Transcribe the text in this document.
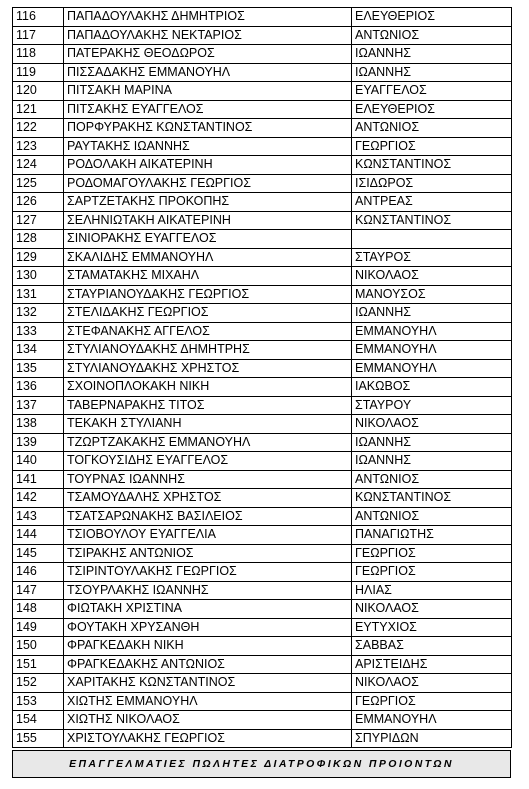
116	ΠΑΠΑΔΟΥΛΑΚΗΣ ΔΗΜΗΤΡΙΟΣ	ΕΛΕΥΘΕΡΙΟΣ
117	ΠΑΠΑΔΟΥΛΑΚΗΣ ΝΕΚΤΑΡΙΟΣ	ΑΝΤΩΝΙΟΣ
118	ΠΑΤΕΡΑΚΗΣ ΘΕΟΔΩΡΟΣ	ΙΩΑΝΝΗΣ
119	ΠΙΣΣΑΔΑΚΗΣ ΕΜΜΑΝΟΥΗΛ	ΙΩΑΝΝΗΣ
120	ΠΙΤΣΑΚΗ ΜΑΡΙΝΑ	ΕΥΑΓΓΕΛΟΣ
121	ΠΙΤΣΑΚΗΣ ΕΥΑΓΓΕΛΟΣ	ΕΛΕΥΘΕΡΙΟΣ
122	ΠΟΡΦΥΡΑΚΗΣ ΚΩΝΣΤΑΝΤΙΝΟΣ	ΑΝΤΩΝΙΟΣ
123	ΡΑΥΤΑΚΗΣ ΙΩΑΝΝΗΣ	ΓΕΩΡΓΙΟΣ
124	ΡΟΔΟΛΑΚΗ ΑΙΚΑΤΕΡΙΝΗ	ΚΩΝΣΤΑΝΤΙΝΟΣ
125	ΡΟΔΟΜΑΓΟΥΛΑΚΗΣ ΓΕΩΡΓΙΟΣ	ΙΣΙΔΩΡΟΣ
126	ΣΑΡΤΖΕΤΑΚΗΣ ΠΡΟΚΟΠΗΣ	ΑΝΤΡΕΑΣ
127	ΣΕΛΗΝΙΩΤΑΚΗ ΑΙΚΑΤΕΡΙΝΗ	ΚΩΝΣΤΑΝΤΙΝΟΣ
128	ΣΙΝΙΟΡΑΚΗΣ ΕΥΑΓΓΕΛΟΣ	
129	ΣΚΑΛΙΔΗΣ ΕΜΜΑΝΟΥΗΛ	ΣΤΑΥΡΟΣ
130	ΣΤΑΜΑΤΑΚΗΣ ΜΙΧΑΗΛ	ΝΙΚΟΛΑΟΣ
131	ΣΤΑΥΡΙΑΝΟΥΔΑΚΗΣ ΓΕΩΡΓΙΟΣ	ΜΑΝΟΥΣΟΣ
132	ΣΤΕΛΙΔΑΚΗΣ ΓΕΩΡΓΙΟΣ	ΙΩΑΝΝΗΣ
133	ΣΤΕΦΑΝΑΚΗΣ ΑΓΓΕΛΟΣ	ΕΜΜΑΝΟΥΗΛ
134	ΣΤΥΛΙΑΝΟΥΔΑΚΗΣ ΔΗΜΗΤΡΗΣ	ΕΜΜΑΝΟΥΗΛ
135	ΣΤΥΛΙΑΝΟΥΔΑΚΗΣ ΧΡΗΣΤΟΣ	ΕΜΜΑΝΟΥΗΛ
136	ΣΧΟΙΝΟΠΛΟΚΑΚΗ ΝΙΚΗ	ΙΑΚΩΒΟΣ
137	ΤΑΒΕΡΝΑΡΑΚΗΣ ΤΙΤΟΣ	ΣΤΑΥΡΟΥ
138	ΤΕΚΑΚΗ ΣΤΥΛΙΑΝΗ	ΝΙΚΟΛΑΟΣ
139	ΤΖΩΡΤΖΑΚΑΚΗΣ ΕΜΜΑΝΟΥΗΛ	ΙΩΑΝΝΗΣ
140	ΤΟΓΚΟΥΣΙΔΗΣ ΕΥΑΓΓΕΛΟΣ	ΙΩΑΝΝΗΣ
141	ΤΟΥΡΝΑΣ ΙΩΑΝΝΗΣ	ΑΝΤΩΝΙΟΣ
142	ΤΣΑΜΟΥΔΑΛΗΣ ΧΡΗΣΤΟΣ	ΚΩΝΣΤΑΝΤΙΝΟΣ
143	ΤΣΑΤΣΑΡΩΝΑΚΗΣ ΒΑΣΙΛΕΙΟΣ	ΑΝΤΩΝΙΟΣ
144	ΤΣΙΟΒΟΥΛΟΥ ΕΥΑΓΓΕΛΙΑ	ΠΑΝΑΓΙΩΤΗΣ
145	ΤΣΙΡΑΚΗΣ ΑΝΤΩΝΙΟΣ	ΓΕΩΡΓΙΟΣ
146	ΤΣΙΡΙΝΤΟΥΛΑΚΗΣ ΓΕΩΡΓΙΟΣ	ΓΕΩΡΓΙΟΣ
147	ΤΣΟΥΡΛΑΚΗΣ ΙΩΑΝΝΗΣ	ΗΛΙΑΣ
148	ΦΙΩΤΑΚΗ ΧΡΙΣΤΙΝΑ	ΝΙΚΟΛΑΟΣ
149	ΦΟΥΤΑΚΗ ΧΡΥΣΑΝΘΗ	ΕΥΤΥΧΙΟΣ
150	ΦΡΑΓΚΕΔΑΚΗ ΝΙΚΗ	ΣΑΒΒΑΣ
151	ΦΡΑΓΚΕΔΑΚΗΣ ΑΝΤΩΝΙΟΣ	ΑΡΙΣΤΕΙΔΗΣ
152	ΧΑΡΙΤΑΚΗΣ ΚΩΝΣΤΑΝΤΙΝΟΣ	ΝΙΚΟΛΑΟΣ
153	ΧΙΩΤΗΣ ΕΜΜΑΝΟΥΗΛ	ΓΕΩΡΓΙΟΣ
154	ΧΙΩΤΗΣ ΝΙΚΟΛΑΟΣ	ΕΜΜΑΝΟΥΗΛ
155	ΧΡΙΣΤΟΥΛΑΚΗΣ ΓΕΩΡΓΙΟΣ	ΣΠΥΡΙΔΩΝ
ΕΠΑΓΓΕΛΜΑΤΙΕΣ ΠΩΛΗΤΕΣ ΔΙΑΤΡΟΦΙΚΩΝ ΠΡΟΙΟΝΤΩΝ
